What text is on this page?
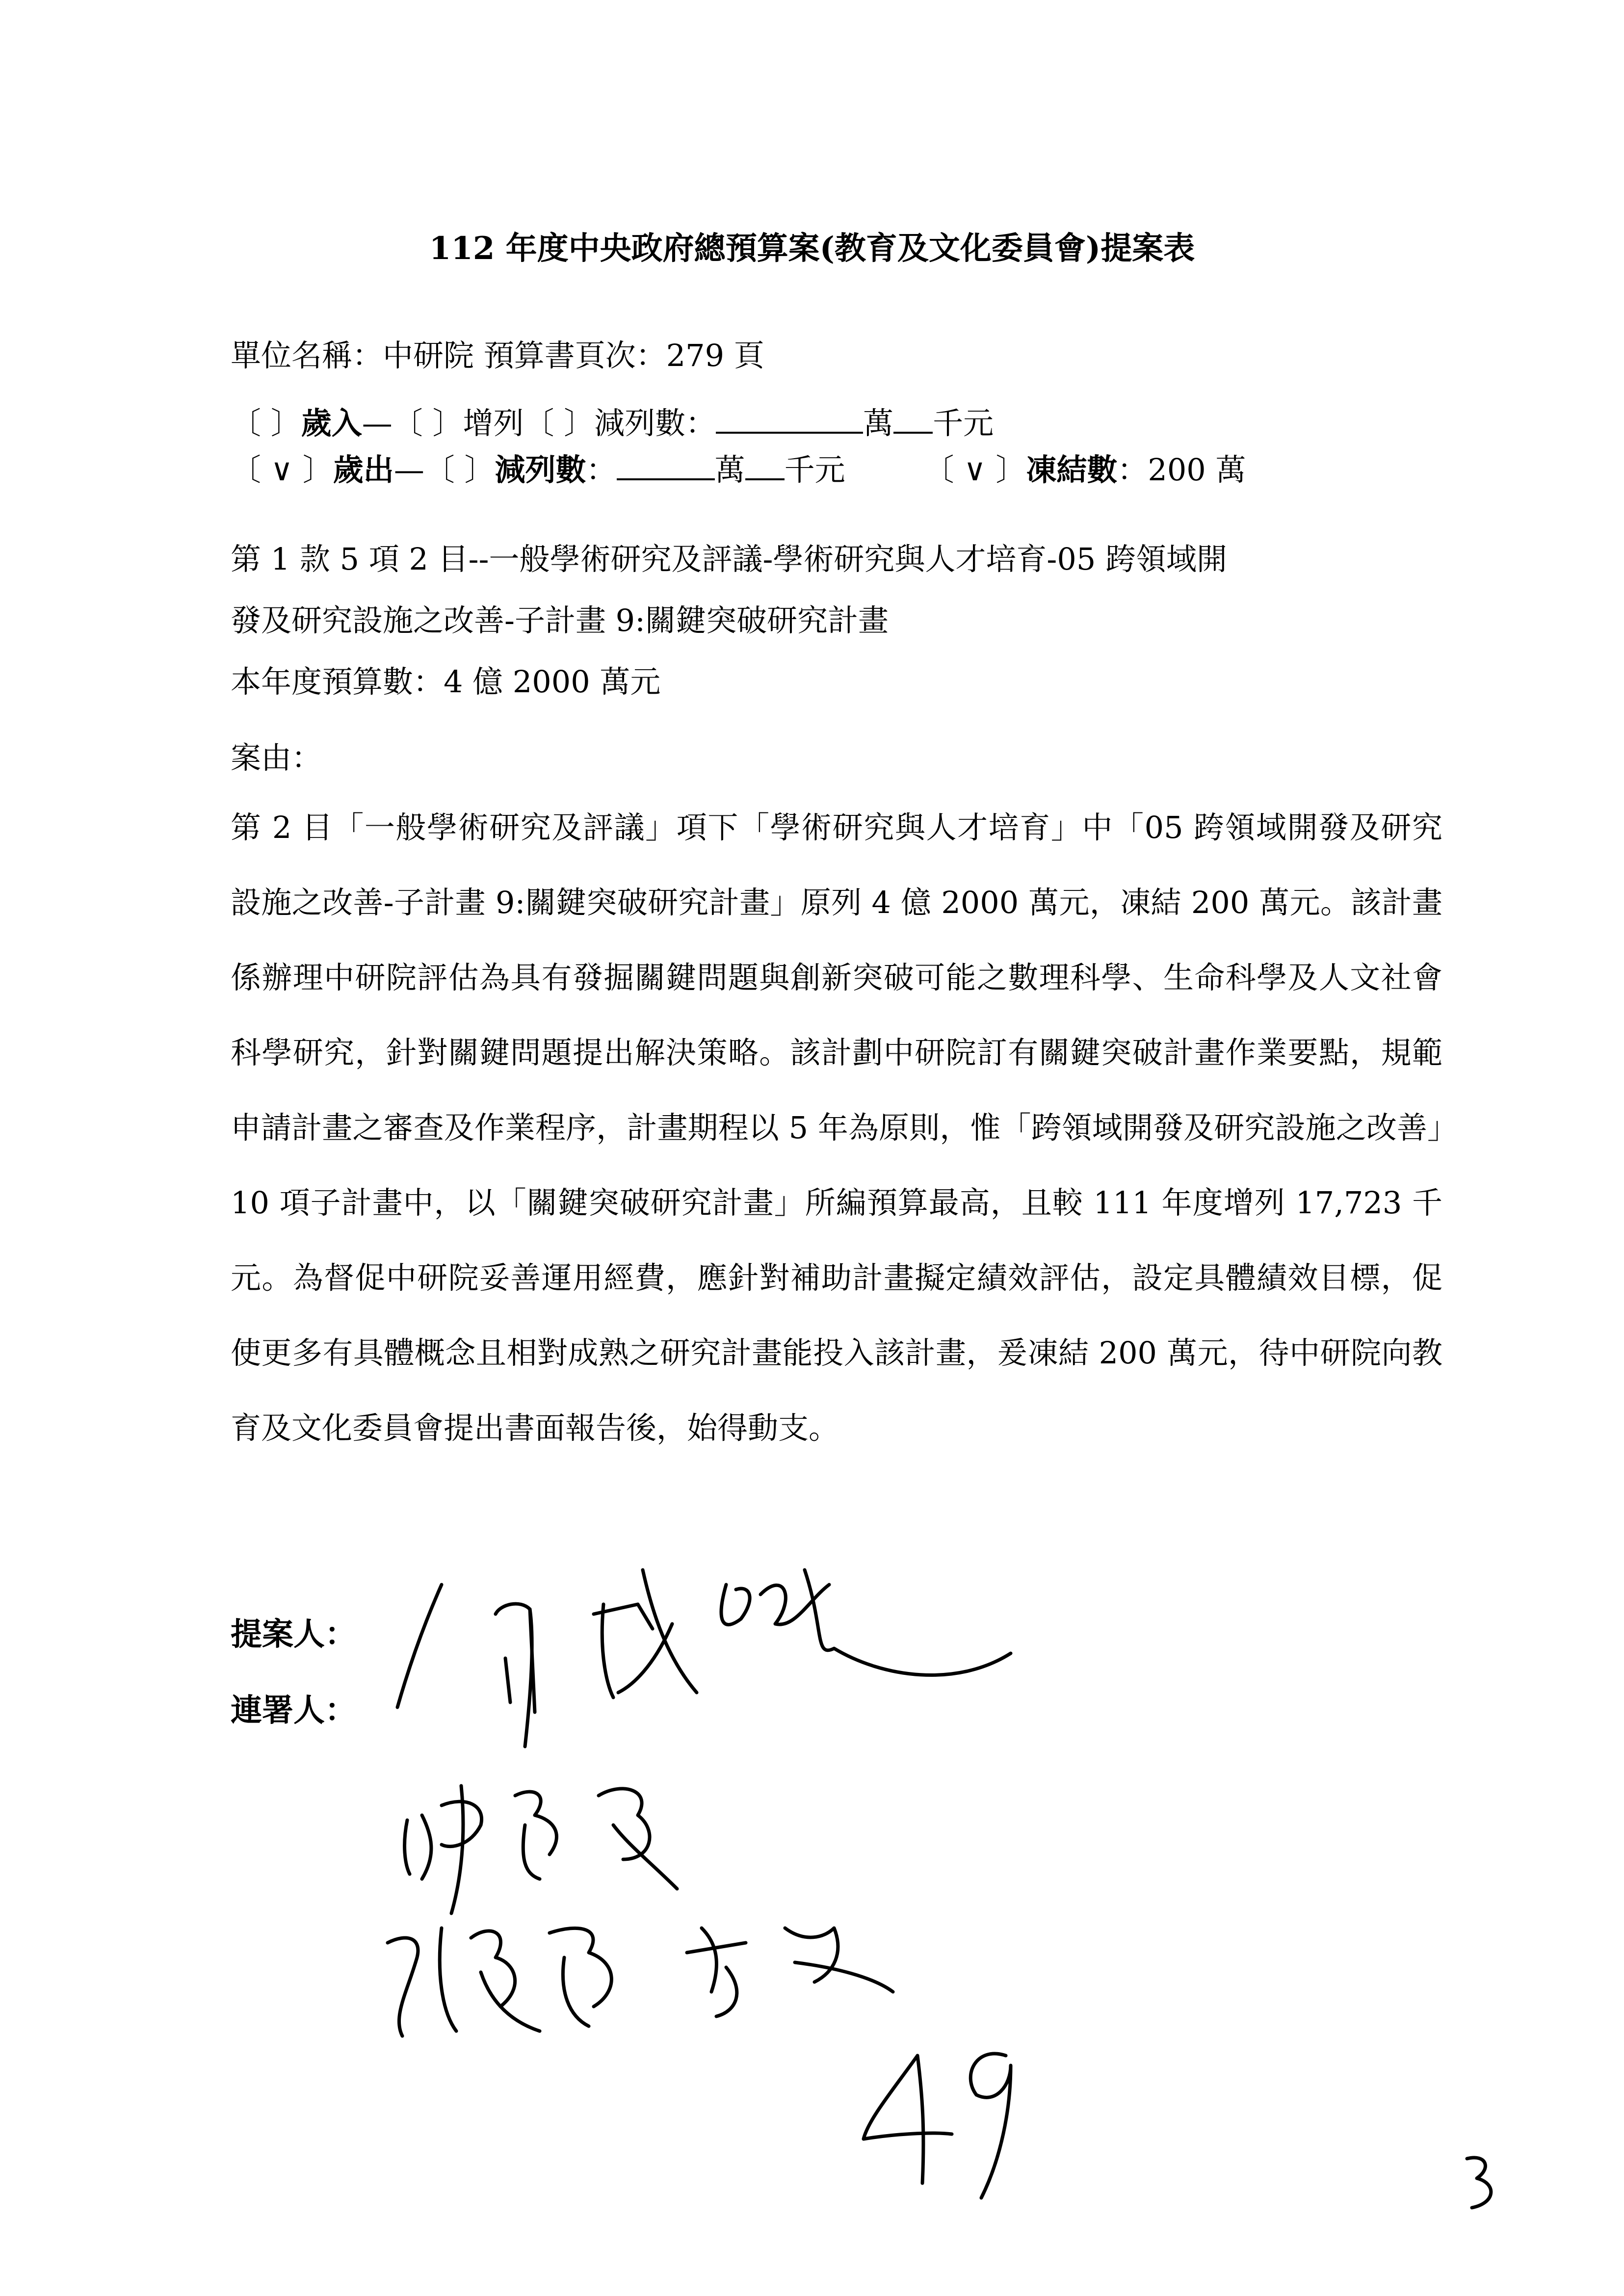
112 年度中央政府總預算案(教育及文化委員會)提案表
單位名稱：中研院 預算書頁次：279 頁
〔 〕歲入—〔 〕增列〔 〕減列數：	萬 千元
〔 ∨ 〕歲出—〔 〕減列數：	萬 千元	〔 ∨ 〕凍結數：200 萬
第 1 款 5 項 2 目--一般學術研究及評議-學術研究與人才培育-05 跨領域開
發及研究設施之改善-子計畫 9:關鍵突破研究計畫
本年度預算數：4 億 2000 萬元
案由：
第 2 目「一般學術研究及評議」項下「學術研究與人才培育」中「05 跨領域開發及研究設施之改善-子計畫 9:關鍵突破研究計畫」原列 4 億 2000 萬元，凍結 200 萬元。該計畫係辦理中研院評估為具有發掘關鍵問題與創新突破可能之數理科學、生命科學及人文社會科學研究，針對關鍵問題提出解決策略。該計劃中研院訂有關鍵突破計畫作業要點，規範申請計畫之審查及作業程序，計畫期程以 5 年為原則，惟「跨領域開發及研究設施之改善」10 項子計畫中，以「關鍵突破研究計畫」所編預算最高，且較 111 年度增列 17,723 千元。為督促中研院妥善運用經費，應針對補助計畫擬定績效評估，設定具體績效目標，促使更多有具體概念且相對成熟之研究計畫能投入該計畫，爰凍結 200 萬元，待中研院向教育及文化委員會提出書面報告後，始得動支。
提案人：
連署人：
